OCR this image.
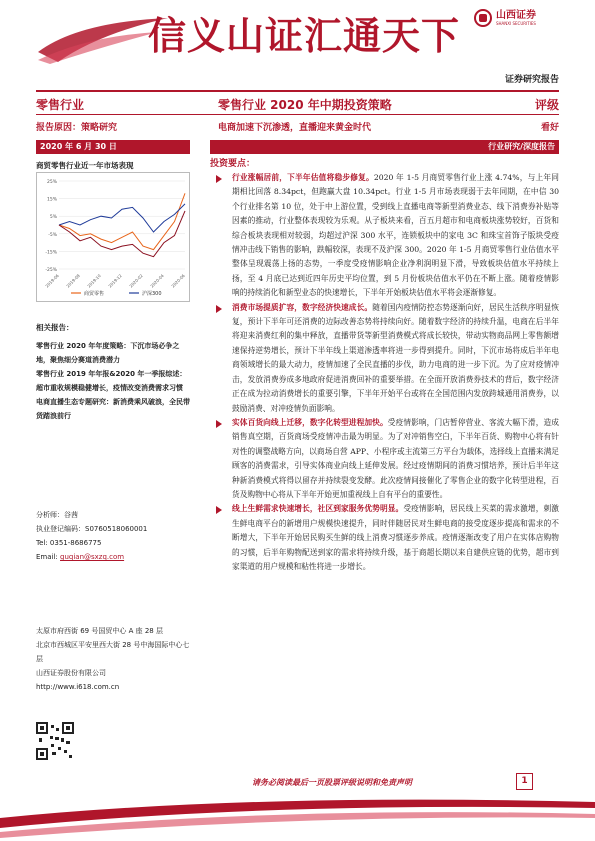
信义山证汇通天下	山西证券
SHANXI SECURITIES
证券研究报告
零售行业	零售行业 2020 年中期投资策略	评级
报告原因：策略研究	电商加速下沉渗透，直播迎来黄金时代	看好
2020 年 6 月 30 日	行业研究/深度报告
商贸零售行业近一年市场表现
-25%
-15%
-5%
5%
15%
25%
2019-06 2019-08 2019-10 2019-12 2020-02 2020-04 2020-06
商贸零售	沪深300
相关报告：
零售行业 2020 年年度策略：下沉市场必争之地，聚焦细分赛道消费潜力
零售行业 2019 年年报&2020 年一季报综述：超市重收规模稳健增长，疫情改变消费需求习惯
电商直播生态专题研究：新消费乘风破浪，全民带货踏浪前行
分析师：谷茜
执业登记编码：S0760518060001
Tel: 0351-8686775
Email: guqian@sxzq.com
太原市府西街 69 号国贸中心 A 座 28 层
北京市西城区平安里西大街 28 号中海国际中心七层
山西证券股份有限公司
http://www.i618.com.cn
投资要点：
行业涨幅居前，下半年估值将稳步修复。2020 年 1-5 月商贸零售行业上涨 4.74%，与上年同期相比回落 8.34pct，但跑赢大盘 10.34pct。行业 1-5 月市场表现弱于去年同期，在中信 30 个行业排名第 10 位，处于中上游位置，受到线上直播电商等新型消费业态、线下消费券补贴等因素的推动，行业整体表现较为乐观。从子板块来看，百五月超市和电商板块涨势较好，百货和综合板块表现相对较弱，均超过沪深 300 水平，连锁板块中的家电 3C 和珠宝首饰子版块受疫情冲击线下销售的影响，跌幅较深，表现不及沪深 300。2020 年 1-5 月商贸零售行业估值水平整体呈现震荡上扬的态势，一季度受疫情影响企业净利润明显下滑，导致板块估值水平持续上扬，至 4 月底已达到近四年历史平均位置，到 5 月份板块估值水平仍在不断上涨。随着疫情影响的持续消化和新型业态的快速增长，下半年开始板块估值水平将会逐渐修复。
消费市场提质扩容，数字经济快速成长。随着国内疫情防控态势逐渐向好，居民生活秩序明显恢复，预计下半年可还消费的边际改善态势将持续向好。随着数字经济的持续升温，电商在后半年将迎来消费红利的集中释放，直播带货等新型消费模式将成长较快，带动实物商品网上零售额增速保持逆势增长，预计下半年线上渠道渗透率将进一步得到提升。同时，下沉市场将成后半年电商领域增长的最大动力，疫情加速了全民直播的步伐，助力电商的进一步下沉。为了应对疫情冲击，发放消费券成多地政府促进消费回补的重要举措。在全面开放消费券技术的背后，数字经济正在成为拉动消费增长的重要引擎，下半年开始平台或将在全国范围内发放跨城通用消费券，以鼓励消费、对冲疫情负面影响。
实体百货向线上迁移，数字化转型进程加快。受疫情影响，门店暂停营业、客流大幅下滑，造成销售真空期，百货商场受疫情冲击最为明显。为了对冲销售空白，下半年百货、购物中心将有针对性的调整战略方向，以商场自营 APP、小程序或主流第三方平台为载体，选择线上直播来满足顾客的消费需求，引导实体商业向线上延伸发展。经过疫情期间的消费习惯培养，预计后半年这种新消费模式将得以留存并持续裂变发酵。此次疫情间接催化了零售企业的数字化转型进程，百货及购物中心将从下半年开始更加重视线上自有平台的重要性。
线上生鲜需求快速增长，社区到家服务优势明显。受疫情影响，居民线上买菜的需求激增，刺激生鲜电商平台的新增用户规模快速提升，同时伴随居民对生鲜电商的接受度逐步提高和需求的不断增大，下半年开始居民购买生鲜的线上消费习惯逐步养成。疫情逐渐改变了用户在实体店购物的习惯，后半年购物配送到家的需求将持续升级，基于商超长期以来自建供应链的优势，超市到家渠道的用户规模和粘性将进一步增长。
请务必阅读最后一页股票评级说明和免责声明	1
